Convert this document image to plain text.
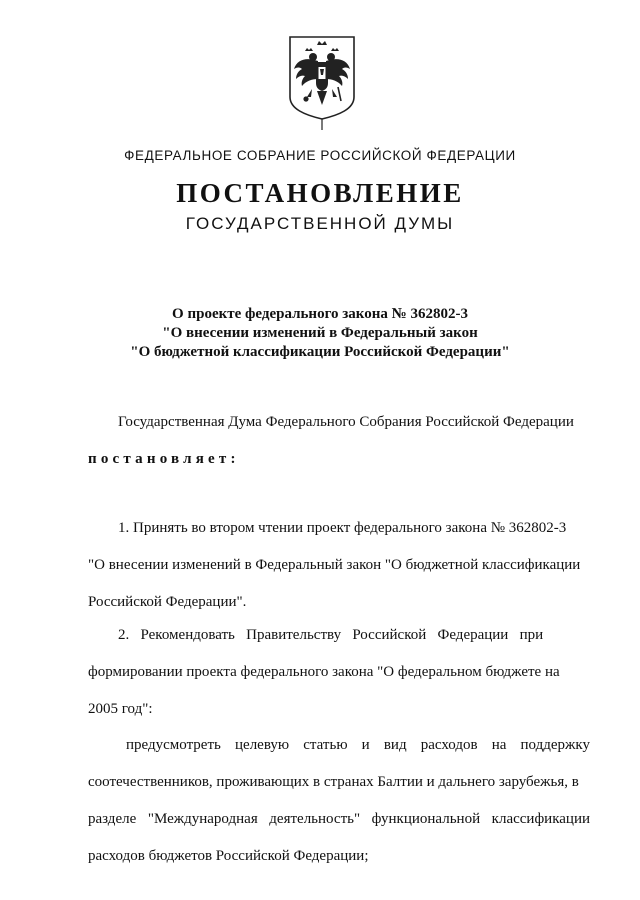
ФЕДЕРАЛЬНОЕ СОБРАНИЕ РОССИЙСКОЙ ФЕДЕРАЦИИ
ПОСТАНОВЛЕНИЕ
ГОСУДАРСТВЕННОЙ ДУМЫ
О проекте федерального закона № 362802-3
"О внесении изменений в Федеральный закон
"О бюджетной классификации Российской Федерации"

Государственная Дума Федерального Собрания Российской Федерации

постановляет:

1. Принять во втором чтении проект федерального закона № 362802-3
"О внесении изменений в Федеральный закон "О бюджетной классификации
Российской Федерации".

2.   Рекомендовать   Правительству   Российской   Федерации   при
формировании проекта федерального закона "О федеральном бюджете на
2005 год":

предусмотреть целевую статью и вид расходов на поддержку
соотечественников, проживающих в странах Балтии и дальнего зарубежья, в
разделе "Международная деятельность" функциональной классификации
расходов бюджетов Российской Федерации;
